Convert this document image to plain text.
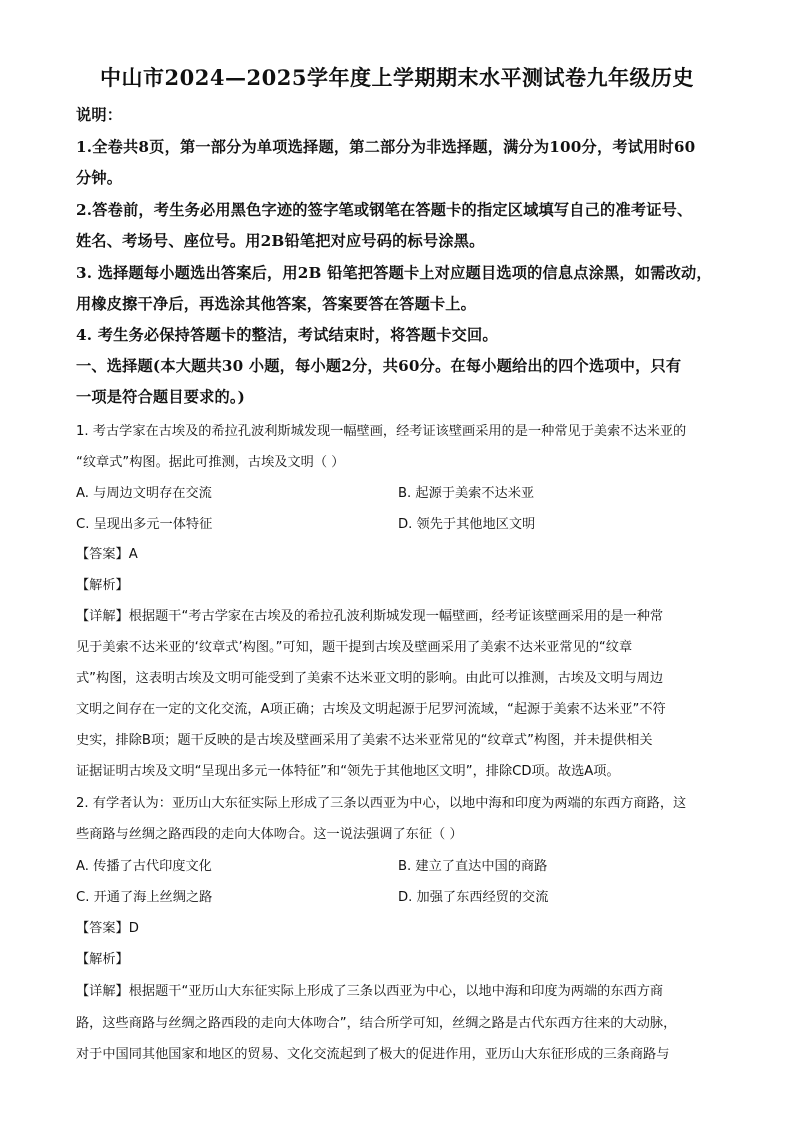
中山市2024—2025学年度上学期期末水平测试卷九年级历史
说明：
1.全卷共8页，第一部分为单项选择题，第二部分为非选择题，满分为100分，考试用时60
分钟。
2.答卷前，考生务必用黑色字迹的签字笔或钢笔在答题卡的指定区域填写自己的准考证号、
姓名、考场号、座位号。用2B铅笔把对应号码的标号涂黑。
3. 选择题每小题选出答案后，用2B 铅笔把答题卡上对应题目选项的信息点涂黑，如需改动，
用橡皮擦干净后，再选涂其他答案，答案要答在答题卡上。
4. 考生务必保持答题卡的整洁，考试结束时，将答题卡交回。
一、选择题(本大题共30 小题，每小题2分，共60分。在每小题给出的四个选项中，只有
一项是符合题目要求的。)
1. 考古学家在古埃及的希拉孔波利斯城发现一幅壁画，经考证该壁画采用的是一种常见于美索不达米亚的
“纹章式”构图。据此可推测，古埃及文明（ ）
A. 与周边文明存在交流	B. 起源于美索不达米亚
C. 呈现出多元一体特征	D. 领先于其他地区文明
【答案】A
【解析】
【详解】根据题干“考古学家在古埃及的希拉孔波利斯城发现一幅壁画，经考证该壁画采用的是一种常
见于美索不达米亚的‘纹章式’构图。”可知，题干提到古埃及壁画采用了美索不达米亚常见的“纹章
式”构图，这表明古埃及文明可能受到了美索不达米亚文明的影响。由此可以推测，古埃及文明与周边
文明之间存在一定的文化交流，A项正确；古埃及文明起源于尼罗河流域，“起源于美索不达米亚”不符
史实，排除B项；题干反映的是古埃及壁画采用了美索不达米亚常见的“纹章式”构图，并未提供相关
证据证明古埃及文明“呈现出多元一体特征”和“领先于其他地区文明”，排除CD项。故选A项。
2. 有学者认为：亚历山大东征实际上形成了三条以西亚为中心，以地中海和印度为两端的东西方商路，这
些商路与丝绸之路西段的走向大体吻合。这一说法强调了东征（ ）
A. 传播了古代印度文化	B. 建立了直达中国的商路
C. 开通了海上丝绸之路	D. 加强了东西经贸的交流
【答案】D
【解析】
【详解】根据题干“亚历山大东征实际上形成了三条以西亚为中心，以地中海和印度为两端的东西方商
路，这些商路与丝绸之路西段的走向大体吻合”，结合所学可知，丝绸之路是古代东西方往来的大动脉，
对于中国同其他国家和地区的贸易、文化交流起到了极大的促进作用，亚历山大东征形成的三条商路与
